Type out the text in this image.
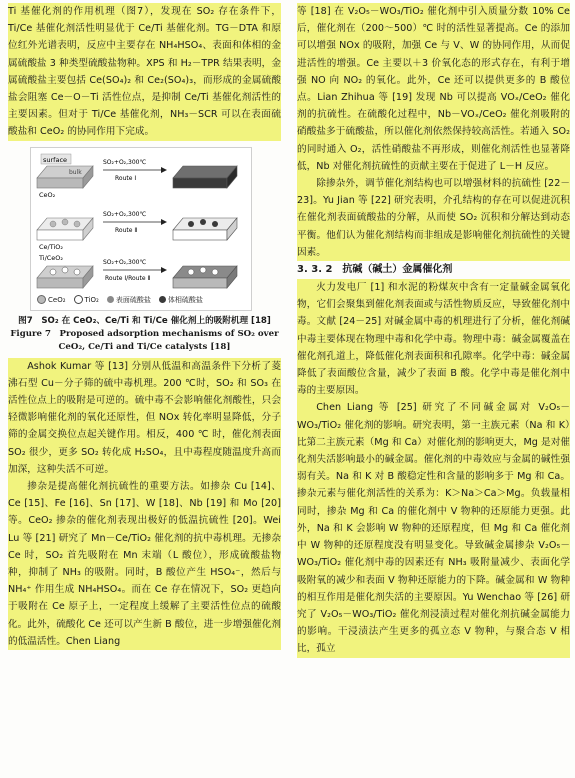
Ti 基催化剂的作用机理（图7），发现在 SO₂ 存在条件下，Ti/Ce 基催化剂活性明显优于 Ce/Ti 基催化剂。TG－DTA 和原位红外光谱表明，反应中主要存在 NH₄HSO₄、表面和体相的金属硫酸盐 3 种类型硫酸盐物种。XPS 和 H₂－TPR 结果表明，金属硫酸盐主要包括 Ce(SO₄)₂ 和 Ce₂(SO₄)₃，而形成的金属硫酸盐会阻塞 Ce－O－Ti 活性位点，是抑制 Ce/Ti 基催化剂活性的主要因素。但对于 Ti/Ce 基催化剂，NH₃－SCR 可以在表面硫酸盐和 CeO₂ 的协同作用下完成。

surface
bulk
CeO₂
SO₂+O₂,300℃
Route Ⅰ
Ce/TiO₂
SO₂+O₂,300℃
Route Ⅱ
Ti/CeO₂
SO₂+O₂,300℃
Route Ⅰ/Route Ⅱ
CeO₂	TiO₂ 表面硫酸盐 体相硫酸盐

图7　SO₂ 在 CeO₂、Ce/Ti 和 Ti/Ce 催化剂上的吸附机理 [18]

Figure 7　Proposed adsorption mechanisms of SO₂ over

CeO₂, Ce/Ti and Ti/Ce catalysts [18]

Ashok Kumar 等 [13] 分别从低温和高温条件下分析了菱沸石型 Cu－分子筛的硫中毒机理。200 ℃时，SO₂ 和 SO₃ 在活性位点上的吸附是可逆的。硫中毒不会影响催化剂酸性，只会轻微影响催化剂的氧化还原性，但 NOx 转化率明显降低，分子筛的金属交换位点起关键作用。相反，400 ℃ 时，催化剂表面 SO₂ 很少，更多 SO₂ 转化成 H₂SO₄，且中毒程度随温度升高而加深，这种失活不可逆。

掺杂是提高催化剂抗硫性的重要方法。如掺杂 Cu [14]、Ce [15]、Fe [16]、Sn [17]、W [18]、Nb [19] 和 Mo [20] 等。CeO₂ 掺杂的催化剂表现出极好的低温抗硫性 [20]。Wei Lu 等 [21] 研究了 Mn－Ce/TiO₂ 催化剂的抗中毒机理。无掺杂 Ce 时，SO₂ 首先吸附在 Mn 末端（L 酸位），形成硫酸盐物种，抑制了 NH₃ 的吸附。同时，B 酸位产生 HSO₄⁻，然后与 NH₄⁺ 作用生成 NH₄HSO₄。而在 Ce 存在情况下，SO₂ 更趋向于吸附在 Ce 原子上，一定程度上缓解了主要活性位点的硫酸化。此外，硫酸化 Ce 还可以产生新 B 酸位，进一步增强催化剂的低温活性。Chen Liang

等 [18] 在 V₂O₅－WO₃/TiO₂ 催化剂中引入质量分数 10% Ce 后，催化剂在（200～500）℃ 时的活性显著提高。Ce 的添加可以增强 NOx 的吸附，加强 Ce 与 V、W 的协同作用，从而促进活性的增强。Ce 主要以＋3 价氧化态的形式存在，有利于增强 NO 向 NO₂ 的氧化。此外，Ce 还可以提供更多的 B 酸位点。Lian Zhihua 等 [19] 发现 Nb 可以提高 VOₓ/CeO₂ 催化剂的抗硫性。在硫酸化过程中，Nb－VOₓ/CeO₂ 催化剂吸附的硝酸盐多于硫酸盐，所以催化剂依然保持较高活性。若通入 SO₂ 的同时通入 O₂，活性硝酸盐不再形成，则催化剂活性也显著降低，Nb 对催化剂抗硫性的贡献主要在于促进了 L－H 反应。

除掺杂外，调节催化剂结构也可以增强材料的抗硫性 [22－23]。Yu Jian 等 [22] 研究表明，介孔结构的存在可以促进沉积在催化剂表面硫酸盐的分解，从而使 SO₂ 沉积和分解达到动态平衡。他们认为催化剂结构而非组成是影响催化剂抗硫性的关键因素。

3. 3. 2　抗碱（碱土）金属催化剂

火力发电厂 [1] 和水泥的粉煤灰中含有一定量碱金属氧化物，它们会聚集到催化剂表面或与活性物质反应，导致催化剂中毒。文献 [24－25] 对碱金属中毒的机理进行了分析，催化剂碱中毒主要体现在物理中毒和化学中毒。物理中毒：碱金属覆盖在催化剂孔道上，降低催化剂表面积和孔隙率。化学中毒：碱金属降低了表面酸位含量，减少了表面 B 酸。化学中毒是催化剂中毒的主要原因。

Chen Liang 等 [25] 研究了不同碱金属对 V₂O₅－WO₃/TiO₂ 催化剂的影响。研究表明，第一主族元素（Na 和 K）比第二主族元素（Mg 和 Ca）对催化剂的影响更大，Mg 是对催化剂失活影响最小的碱金属。催化剂的中毒效应与金属的碱性强弱有关。Na 和 K 对 B 酸稳定性和含量的影响多于 Mg 和 Ca。掺杂元素与催化剂活性的关系为：K＞Na＞Ca＞Mg。负载量相同时，掺杂 Mg 和 Ca 的催化剂中 V 物种的还原能力更强。此外，Na 和 K 会影响 W 物种的还原程度，但 Mg 和 Ca 催化剂中 W 物种的还原程度没有明显变化。导致碱金属掺杂 V₂O₅－WO₃/TiO₂ 催化剂中毒的因素还有 NH₃ 吸附量减少、表面化学吸附氧的减少和表面 V 物种还原能力的下降。碱金属和 W 物种的相互作用是催化剂失活的主要原因。Yu Wenchao 等 [26] 研究了 V₂O₅－WO₃/TiO₂ 催化剂浸渍过程对催化剂抗碱金属能力的影响。干浸渍法产生更多的孤立态 V 物种，与聚合态 V 相比，孤立
